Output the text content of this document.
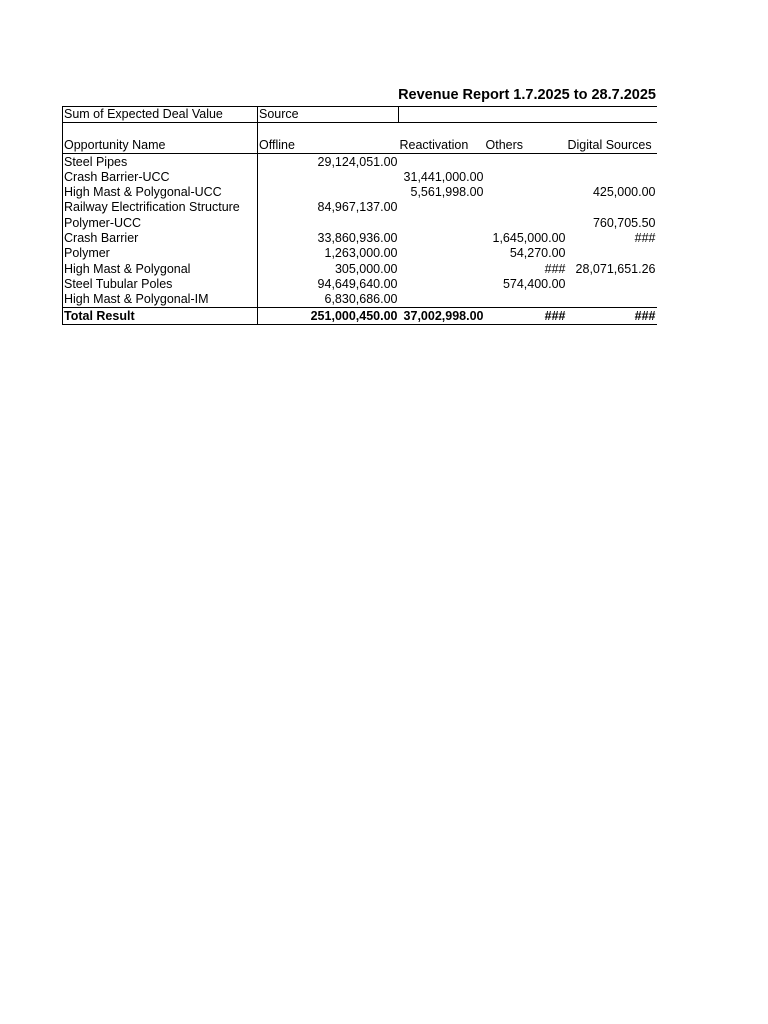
Revenue Report 1.7.2025 to 28.7.2025
Sum of Expected Deal Value	Source			
Opportunity Name	Offline	Reactivation	Others	Digital Sources
Steel Pipes	29,124,051.00			
Crash Barrier-UCC		31,441,000.00		
High Mast & Polygonal-UCC		5,561,998.00		425,000.00
Railway Electrification Structure	84,967,137.00			
Polymer-UCC				760,705.50
Crash Barrier	33,860,936.00		1,645,000.00	###
Polymer	1,263,000.00		54,270.00	
High Mast & Polygonal	305,000.00		###	28,071,651.26
Steel Tubular Poles	94,649,640.00		574,400.00	
High Mast & Polygonal-IM	6,830,686.00			
Total Result	251,000,450.00	37,002,998.00	###	###
